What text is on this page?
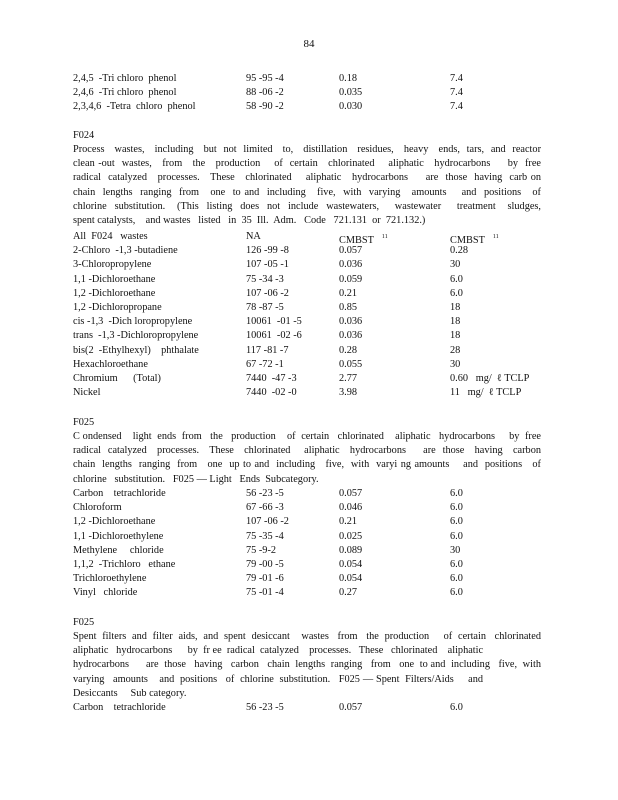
84
2,4,5  -Tri chloro  phenol	95 -95 -4	0.18	7.4
2,4,6  -Tri chloro  phenol	88 -06 -2	0.035	7.4
2,3,4,6  -Tetra  chloro  phenol	58 -90 -2	0.030	7.4
F024
Process   wastes,   including   but  not  limited   to,   distillation   residues,   heavy   ends,  tars,  and  reactor
clean -out  wastes,   from   the   production    of  certain   chlorinated    aliphatic   hydrocarbons     by  free
radical  catalyzed   processes.   These   chlorinated    aliphatic   hydrocarbons     are  those  having  carb on
chain  lengths  ranging  from   one  to and  including   five,  with  varying   amounts    and  positions   of
chlorine  substitution.   (This  listing  does  not  include  wastewaters,    wastewater    treatment   sludges,
spent catalysts,    and wastes   listed   in  35  Ill.  Adm.   Code   721.131  or  721.132.)
All  F024   wastes	NA	CMBST $^{11}$	CMBST $^{11}$
2-Chloro  -1,3 -butadiene	126 -99 -8	0.057	0.28
3-Chloropropylene	107 -05 -1	0.036	30
1,1 -Dichloroethane	75 -34 -3	0.059	6.0
1,2 -Dichloroethane	107 -06 -2	0.21	6.0
1,2 -Dichloropropane	78 -87 -5	0.85	18
cis -1,3  -Dich loropropylene	10061  -01 -5	0.036	18
trans  -1,3 -Dichloropropylene	10061  -02 -6	0.036	18
bis(2  -Ethylhexyl)    phthalate	117 -81 -7	0.28	28
Hexachloroethane	67 -72 -1	0.055	30
Chromium      (Total)	7440  -47 -3	2.77	0.60   mg/  ℓ TCLP
Nickel	7440  -02 -0	3.98	11   mg/  ℓ TCLP
F025
C ondensed    light  ends  from   the   production    of  certain   chlorinated    aliphatic   hydrocarbons     by  free
radical  catalyzed   processes.   These   chlorinated    aliphatic   hydrocarbons     are  those   having   carbon
chain  lengths  ranging  from   one  up to and  including   five,  with  varyi ng amounts    and  positions   of
chlorine   substitution.   F025 — Light   Ends  Subcategory.
Carbon    tetrachloride	56 -23 -5	0.057	6.0
Chloroform	67 -66 -3	0.046	6.0
1,2 -Dichloroethane	107 -06 -2	0.21	6.0
1,1 -Dichloroethylene	75 -35 -4	0.025	6.0
Methylene     chloride	75 -9-2	0.089	30
1,1,2  -Trichloro   ethane	79 -00 -5	0.054	6.0
Trichloroethylene	79 -01 -6	0.054	6.0
Vinyl   chloride	75 -01 -4	0.27	6.0
F025
Spent  filters  and  filter  aids,  and  spent  desiccant    wastes   from   the  production     of  certain   chlorinated
aliphatic   hydrocarbons      by  fr ee  radical  catalyzed    processes.   These   chlorinated    aliphatic
hydrocarbons      are  those   having   carbon   chain  lengths  ranging   from   one  to and  including   five,  with
varying   amounts    and  positions   of  chlorine  substitution.   F025 — Spent  Filters/Aids     and
Desiccants     Sub category.
Carbon    tetrachloride	56 -23 -5	0.057	6.0
